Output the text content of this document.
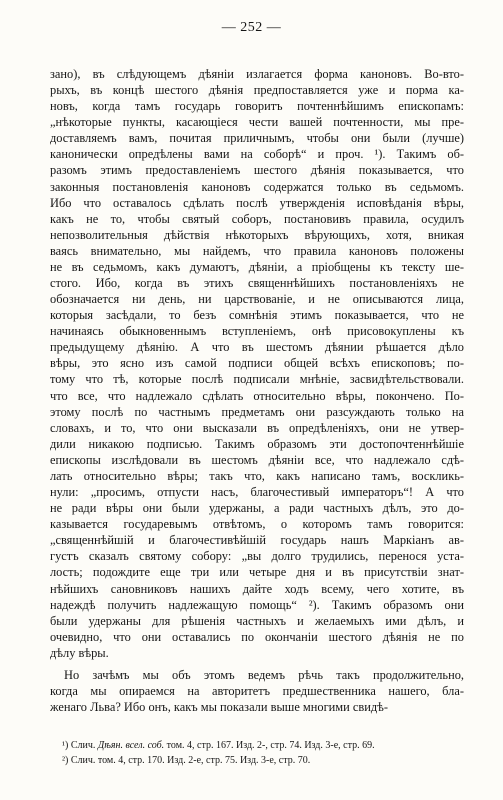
— 252 —
зано), въ слѣдующемъ дѣяніи излагается форма каноновъ. Во-вто-
рыхъ, въ концѣ шестого дѣянія предпоставляется уже и порма ка-
новъ, когда тамъ государь говоритъ почтеннѣйшимъ епископамъ:
„нѣкоторые пункты, касающіеся чести вашей почтенности, мы пре-
доставляемъ вамъ, почитая приличнымъ, чтобы они были (лучше)
канонически опредѣлены вами на соборѣ“ и проч. ¹). Такимъ об-
разомъ этимъ предоставленіемъ шестого дѣянія показывается, что
законныя постановленія каноновъ содержатся только въ седьмомъ.
Ибо что оставалось сдѣлать послѣ утвержденія исповѣданія вѣры,
какъ не то, чтобы святый соборъ, постановивъ правила, осудилъ
непозволительныя дѣйствія нѣкоторыхъ вѣрующихъ, хотя, вникая
ваясь внимательно, мы найдемъ, что правила каноновъ положены
не въ седьмомъ, какъ думаютъ, дѣяніи, а пріобщены къ тексту ше-
стого. Ибо, когда въ этихъ священнѣйшихъ постановленіяхъ не
обозначается ни день, ни царствованіе, и не описываются лица,
которыя засѣдали, то безъ сомнѣнія этимъ показывается, что не
начинаясь обыкновеннымъ вступленіемъ, онѣ присовокуплены къ
предыдущему дѣянію. А что въ шестомъ дѣянии рѣшается дѣло
вѣры, это ясно изъ самой подписи общей всѣхъ епископовъ; по-
тому что тѣ, которые послѣ подписали мнѣніе, засвидѣтельствовали.
что все, что надлежало сдѣлать относительно вѣры, покончено. По-
этому послѣ по частнымъ предметамъ они разсуждають только на
словахъ, и то, что они высказали въ опредѣленіяхъ, они не утвер-
дили никакою подписью. Такимъ образомъ эти достопочтеннѣйшіе
епископы изслѣдовали въ шестомъ дѣяніи все, что надлежало сдѣ-
лать относительно вѣры; такъ что, какъ написано тамъ, воскликь-
нули: „просимъ, отпусти насъ, благочестивый императоръ“! А что
не ради вѣры они были удержаны, а ради частныхъ дѣлъ, это до-
казывается государевымъ отвѣтомъ, о которомъ тамъ говорится:
„священнѣйшій и благочестивѣйшій государь нашъ Маркіанъ ав-
густъ сказалъ святому собору: „вы долго трудились, перенося уста-
лость; подождите еще три или четыре дня и въ присутствіи знат-
нѣйшихъ сановниковъ нашихъ дайте ходъ всему, чего хотите, въ
надеждѣ получить надлежащую помощь“ ²). Такимъ образомъ они
были удержаны для рѣшенія частныхъ и желаемыхъ ими дѣлъ, и
очевидно, что они оставались по окончаніи шестого дѣянія не по
дѣлу вѣры.
Но зачѣмъ мы объ этомъ ведемъ рѣчь такъ продолжительно,
когда мы опираемся на авторитетъ предшественника нашего, бла-
женаго Льва? Ибо онъ, какъ мы показали выше многими свидѣ-
¹) Слич. Дѣян. всел. соб. том. 4, стр. 167. Изд. 2-, стр. 74. Изд. 3-е, стр. 69.
²) Слич. том. 4, стр. 170. Изд. 2-е, стр. 75. Изд. 3-е, стр. 70.
